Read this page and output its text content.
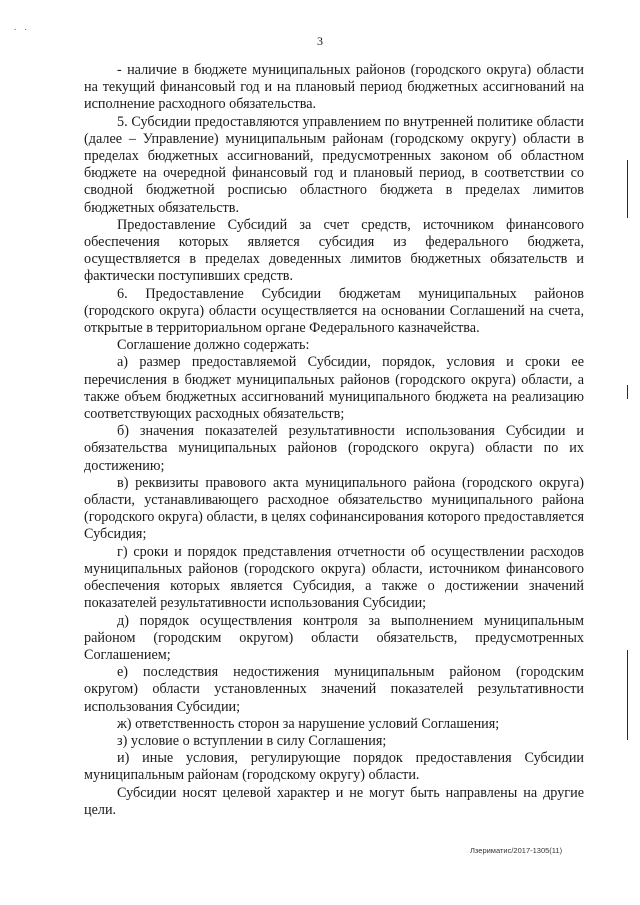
. .
3

- наличие в бюджете муниципальных районов (городского округа) области на текущий финансовый год и на плановый период бюджетных ассигнований на исполнение расходного обязательства.

5. Субсидии предоставляются управлением по внутренней политике области (далее – Управление) муниципальным районам (городскому округу) области в пределах бюджетных ассигнований, предусмотренных законом об областном бюджете на очередной финансовый год и плановый период, в соответствии со сводной бюджетной росписью областного бюджета в пределах лимитов бюджетных обязательств.

Предоставление Субсидий за счет средств, источником финансового обеспечения которых является субсидия из федерального бюджета, осуществляется в пределах доведенных лимитов бюджетных обязательств и фактически поступивших средств.

6. Предоставление Субсидии бюджетам муниципальных районов (городского округа) области осуществляется на основании Соглашений на счета, открытые в территориальном органе Федерального казначейства.

Соглашение должно содержать:

а) размер предоставляемой Субсидии, порядок, условия и сроки ее перечисления в бюджет муниципальных районов (городского округа) области, а также объем бюджетных ассигнований муниципального бюджета на реализацию соответствующих расходных обязательств;

б) значения показателей результативности использования Субсидии и обязательства муниципальных районов (городского округа) области по их достижению;

в) реквизиты правового акта муниципального района (городского округа) области, устанавливающего расходное обязательство муниципального района (городского округа) области, в целях софинансирования которого предоставляется Субсидия;

г) сроки и порядок представления отчетности об осуществлении расходов муниципальных районов (городского округа) области, источником финансового обеспечения которых является Субсидия, а также о достижении значений показателей результативности использования Субсидии;

д) порядок осуществления контроля за выполнением муниципальным районом (городским округом) области обязательств, предусмотренных Соглашением;

е) последствия недостижения муниципальным районом (городским округом) области установленных значений показателей результативности использования Субсидии;

ж) ответственность сторон за нарушение условий Соглашения;

з) условие о вступлении в силу Соглашения;

и) иные условия, регулирующие порядок предоставления Субсидии муниципальным районам (городскому округу) области.

Субсидии носят целевой характер и не могут быть направлены на другие цели.

Лзериматис/2017-1305(11)
